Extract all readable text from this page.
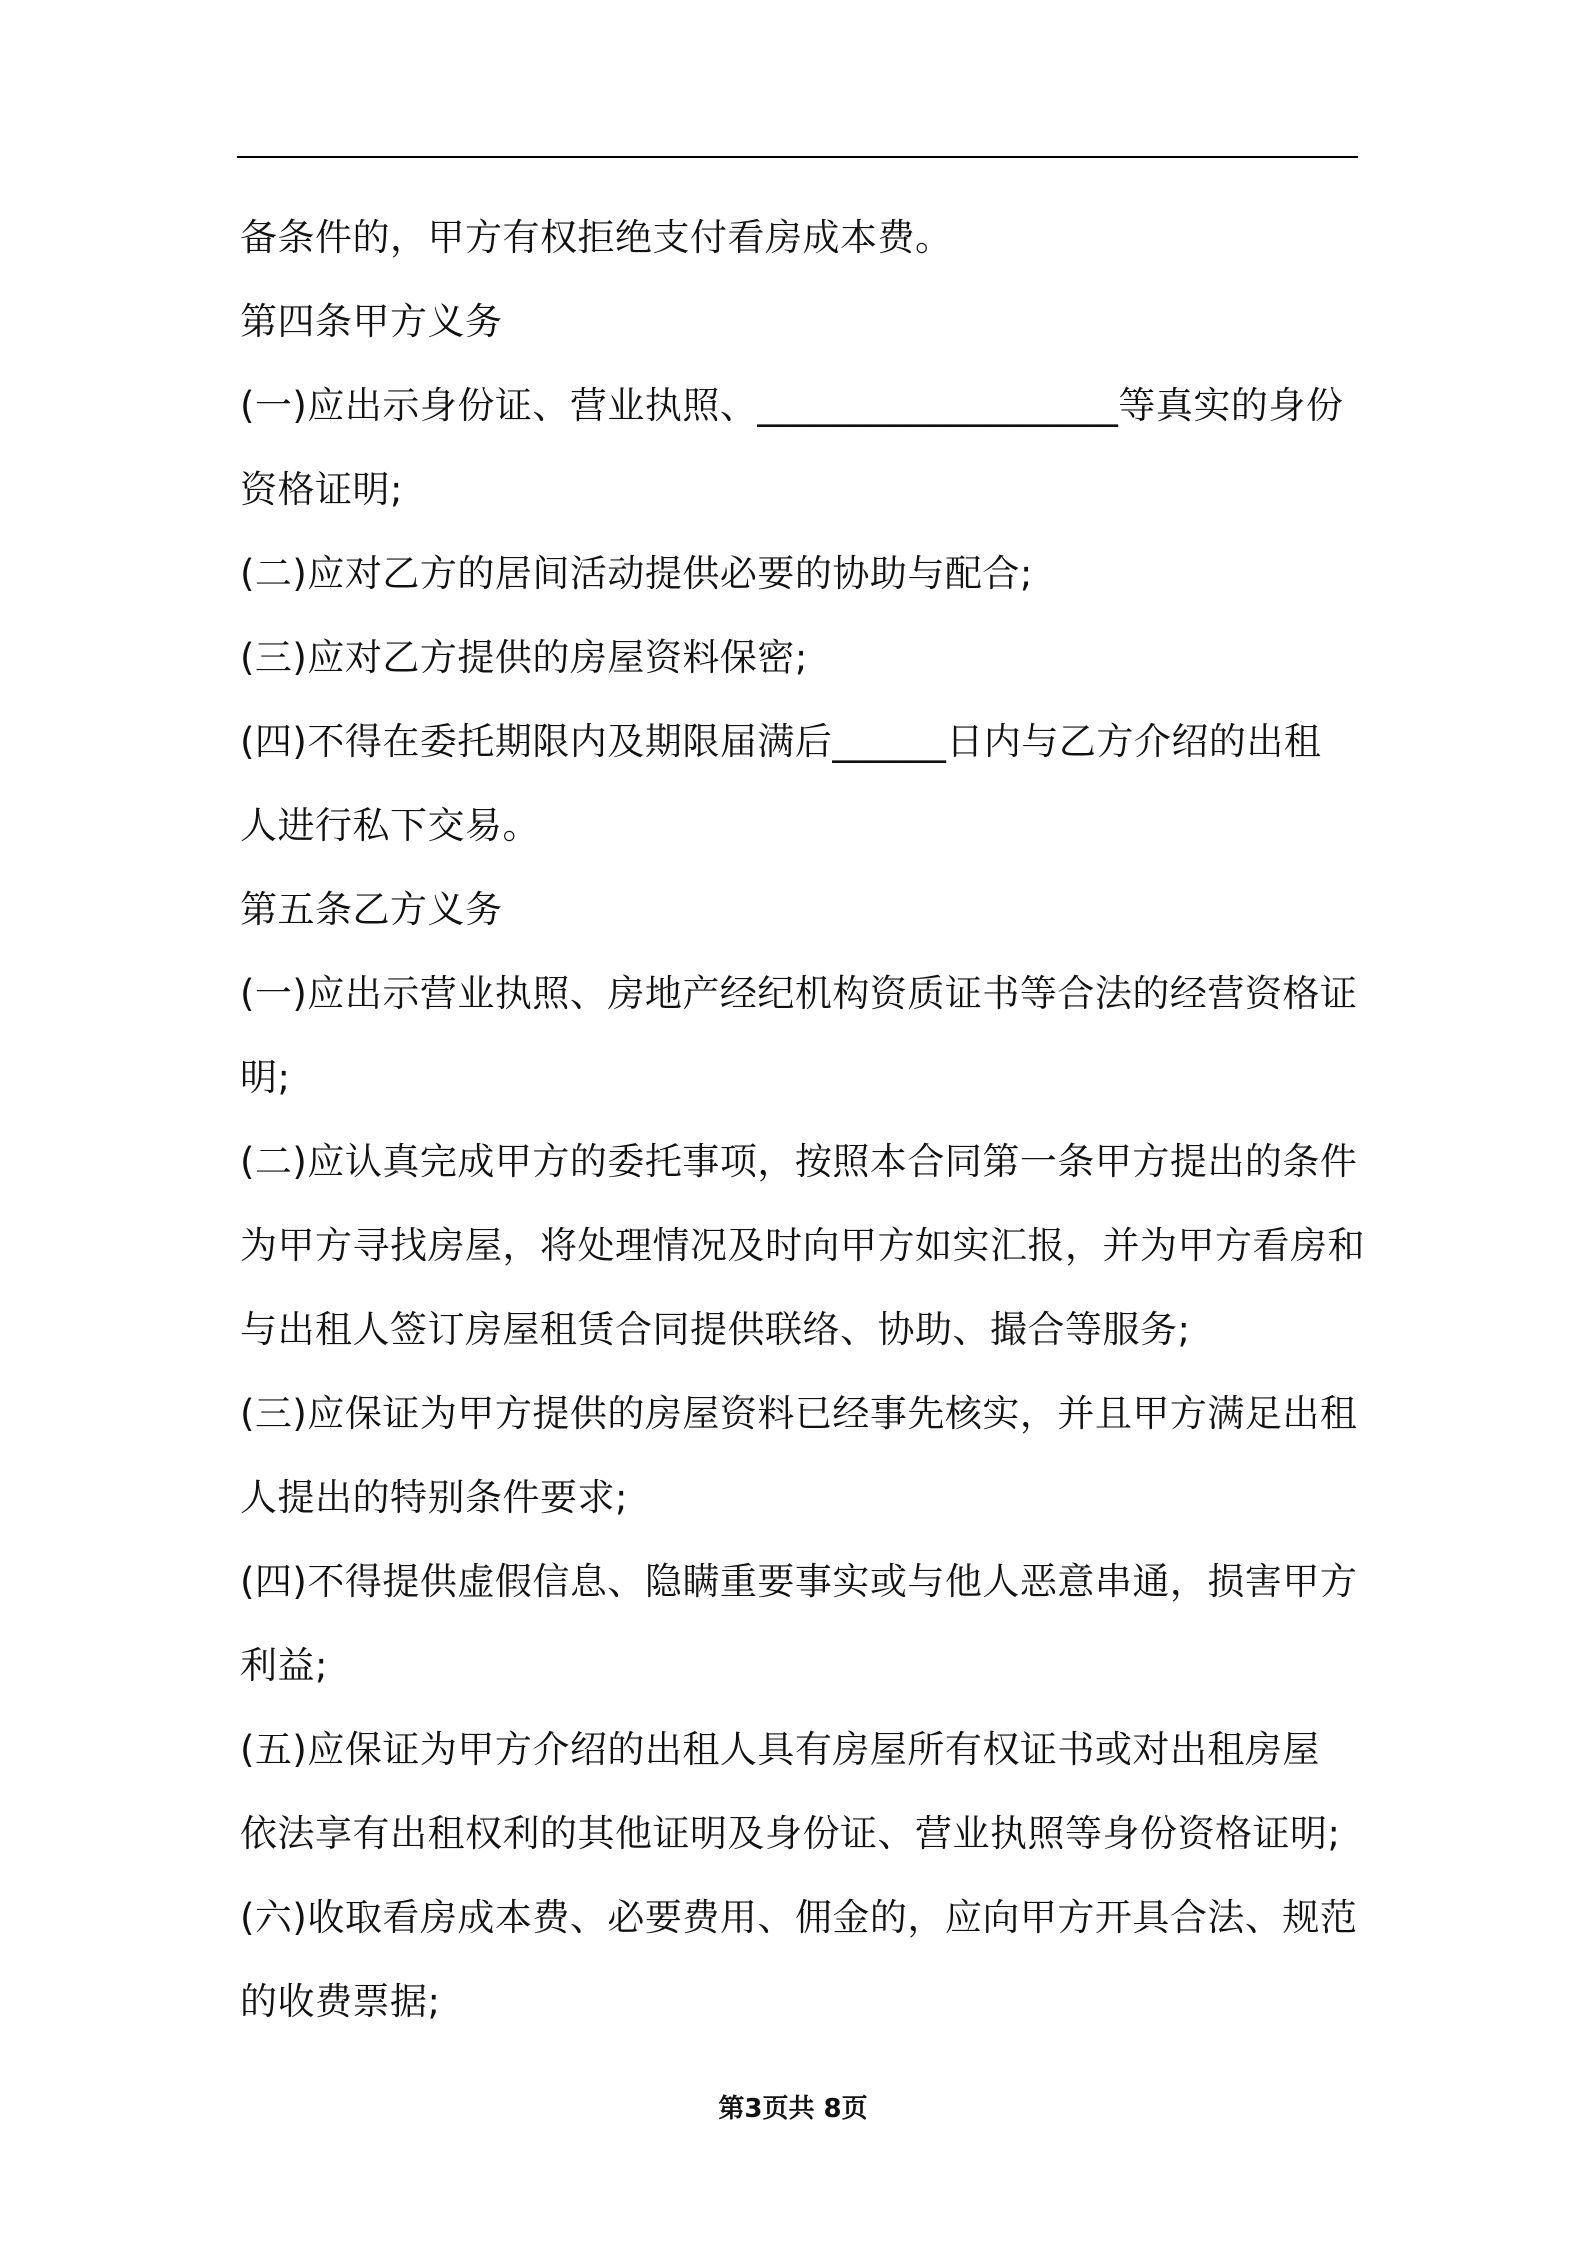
备条件的，甲方有权拒绝支付看房成本费。
第四条甲方义务
(一)应出示身份证、营业执照、___________________等真实的身份
资格证明;
(二)应对乙方的居间活动提供必要的协助与配合;
(三)应对乙方提供的房屋资料保密;
(四)不得在委托期限内及期限届满后______日内与乙方介绍的出租
人进行私下交易。
第五条乙方义务
(一)应出示营业执照、房地产经纪机构资质证书等合法的经营资格证
明;
(二)应认真完成甲方的委托事项，按照本合同第一条甲方提出的条件
为甲方寻找房屋，将处理情况及时向甲方如实汇报，并为甲方看房和
与出租人签订房屋租赁合同提供联络、协助、撮合等服务;
(三)应保证为甲方提供的房屋资料已经事先核实，并且甲方满足出租
人提出的特别条件要求;
(四)不得提供虚假信息、隐瞒重要事实或与他人恶意串通，损害甲方
利益;
(五)应保证为甲方介绍的出租人具有房屋所有权证书或对出租房屋
依法享有出租权利的其他证明及身份证、营业执照等身份资格证明;
(六)收取看房成本费、必要费用、佣金的，应向甲方开具合法、规范
的收费票据;
第3页共 8页
